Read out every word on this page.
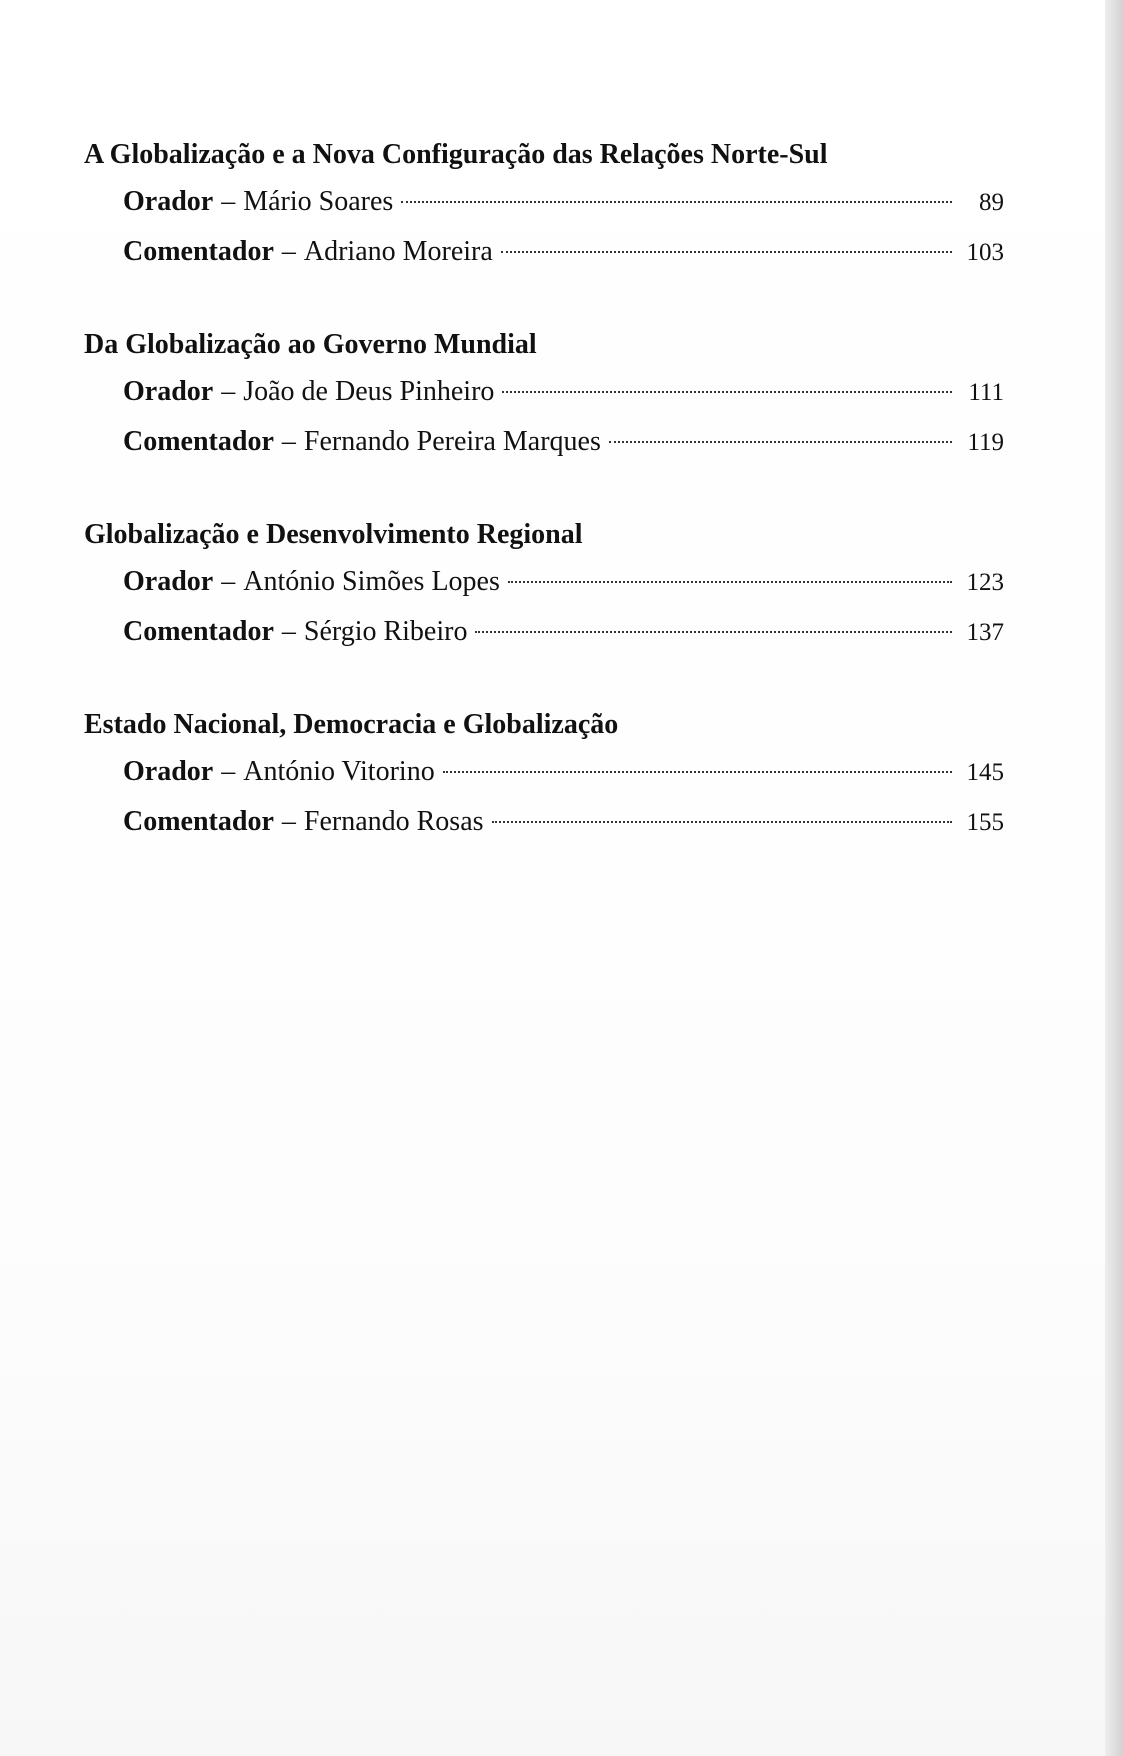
A Globalização e a Nova Configuração das Relações Norte-Sul
Orador – Mário Soares	89
Comentador – Adriano Moreira	103
Da Globalização ao Governo Mundial
Orador – João de Deus Pinheiro	111
Comentador – Fernando Pereira Marques	119
Globalização e Desenvolvimento Regional
Orador – António Simões Lopes	123
Comentador – Sérgio Ribeiro	137
Estado Nacional, Democracia e Globalização
Orador – António Vitorino	145
Comentador – Fernando Rosas	155
